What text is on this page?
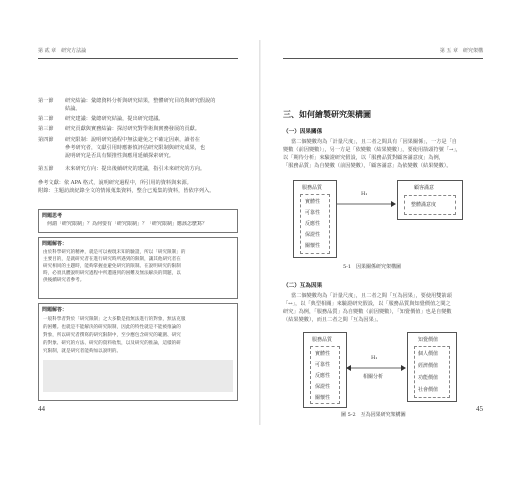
第 貳 章　研究方法論
第一節 研究結論：彙總資料分析與研究結果，整體研究目的與研究假說的
結論。
第二節 研究建議：彙總研究結論，提出研究建議。
第三節 研究貢獻與實務結論：探討研究對學術與實務發展的貢獻。
第四節 研究限制：說明研究過程中無法避免之不確定因素，讀者在
參考研究者，文獻引用時應審慎評估研究限制與研究成果，也
說明研究是否具有類推性與應用延續探索研究。
第五節 未來研究方向：提出後續研究的建議，指引未來研究的方向。
參考文獻：依 APA 格式，說明研究過程中，所引用的資料與來源。
附錄：主題訪談紀錄全文的情報蒐集資料，整合已蒐集的資料，皆依序列入。
問題思考
何謂「研究限制」？為何要有「研究限制」？「研究限制」應該怎麼寫？
問題解答：
由於科學研究的精神，就是可以複現未知的驗證，所以「研究限制」的
主要目的，是就研究者在進行研究時所遇到的限制，讓其他研究者在
研究相同的主題時，能夠掌握並避免研究的限制。在說明研究的限制
時，必須具體說明研究過程中所遭遇到的困難及無法解決的問題，以
供後續研究者參考。
問題解答：
一般科學者對於「研究限制」之大多數是指無法進行的對象，無法克服
的困難。也就是不能解決的研究限制，因此的特性就是不能被推論的
對象，所以研究者撰寫的研究限制中，至少應包含研究的範圍、研究
的對象、研究的方法、研究的資料收集，以及研究的推論，這樣的研
究限制，就是研究者能夠加以說明的。
44
第 五 章　研究架構
三、如何繪製研究架構圖
（一）因果關係
當二個變數均為「計量尺度」，且二者之間具有「因果關係」，一方是「自
變數（前因變數）」，另一方是「依變數（結果變數）」，要使用箭頭符號「→」，
以「期待分析」來驗證研究假設，以「服務品質對顧客滿意度」為例，
「服務品質」為自變數（前因變數），「顧客滿意」為依變數（結果變數）。
服務品質
實體性
可靠性
反應性
保證性
關懷性
H₁
顧客滿意
整體滿意度
5-1　因果關係研究架構圖
（二）互為因果
當二個變數均為「計量尺度」，且二者之間「互為因果」，要使用雙箭頭
「↔」，以「典型相關」來驗證研究假設，以「服務品質與知覺價值之間之
研究」為例，「服務品質」為自變數（前因變數），「知覺價值」也是自變數
（結果變數），而且二者之間「互為因果」。
服務品質
實體性
可靠性
反應性
保證性
關懷性
H₁
相關分析
知覺價值
個人價值
經濟價值
功能價值
社會價值
圖 5-2　互為因果研究架構圖
45
